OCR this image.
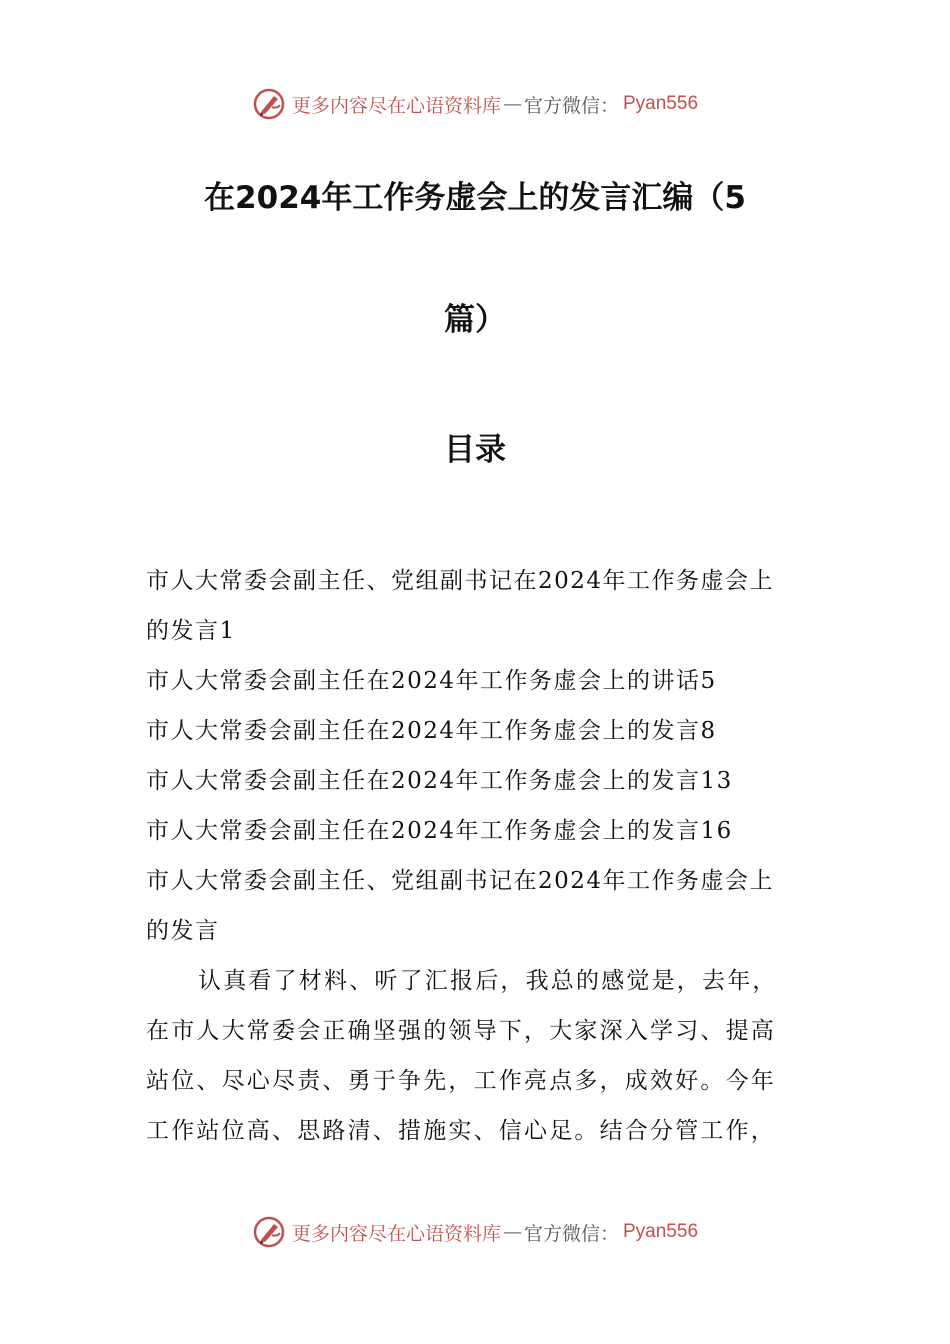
更多内容尽在心语资料库 — 官方微信： Pyan556
在2024年工作务虚会上的发言汇编（5
篇）
目录
市人大常委会副主任、党组副书记在2024年工作务虚会上
的发言1
市人大常委会副主任在2024年工作务虚会上的讲话5
市人大常委会副主任在2024年工作务虚会上的发言8
市人大常委会副主任在2024年工作务虚会上的发言13
市人大常委会副主任在2024年工作务虚会上的发言16
市人大常委会副主任、党组副书记在2024年工作务虚会上
的发言
认真看了材料、听了汇报后，我总的感觉是，去年，
在市人大常委会正确坚强的领导下，大家深入学习、提高
站位、尽心尽责、勇于争先，工作亮点多，成效好。今年
工作站位高、思路清、措施实、信心足。结合分管工作，
更多内容尽在心语资料库 — 官方微信： Pyan556
